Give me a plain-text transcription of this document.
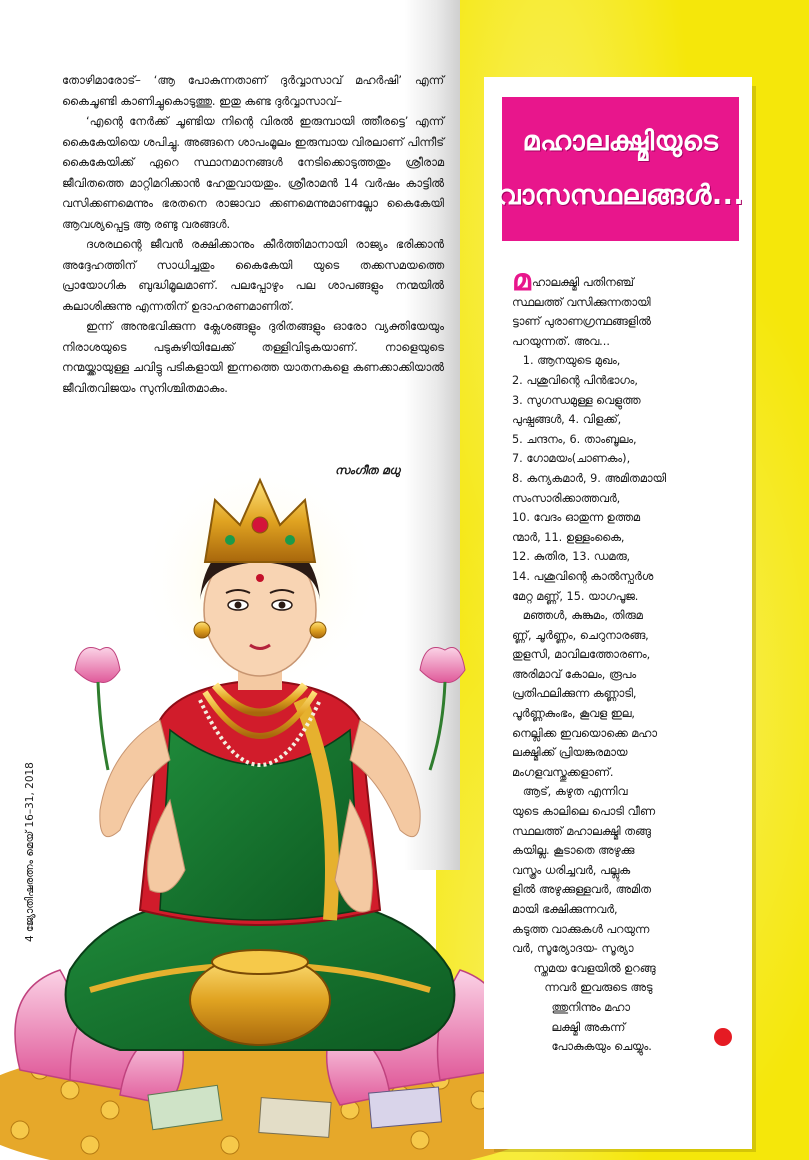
തോഴിമാരോട്– ‘ആ പോകുന്നതാണ് ദുർവ്വാസാവ് മഹർഷി’ എന്ന് കൈചൂണ്ടി കാണിച്ചുകൊടുത്തു. ഇതു കണ്ട ദുർവ്വാസാവ്–

‘എന്റെ നേർക്ക് ചൂണ്ടിയ നിന്റെ വിരൽ ഇരുമ്പായി ത്തീരട്ടെ’ എന്ന് കൈകേയിയെ ശപിച്ചു. അങ്ങനെ ശാപംമൂലം ഇരുമ്പായ വിരലാണ് പിന്നീട് കൈകേയിക്ക് ഏറെ സ്ഥാനമാനങ്ങൾ നേടിക്കൊടുത്തതും ശ്രീരാമ ജീവിതത്തെ മാറ്റിമറിക്കാൻ ഹേതുവായതും. ശ്രീരാമൻ 14 വർഷം കാട്ടിൽ വസിക്കണമെന്നും ഭരതനെ രാജാവാ ക്കണമെന്നുമാണല്ലോ കൈകേയി ആവശ്യപ്പെട്ട ആ രണ്ടു വരങ്ങൾ.

ദശരഥന്റെ ജീവൻ രക്ഷിക്കാനും കീർത്തിമാനായി രാജ്യം ഭരിക്കാൻ അദ്ദേഹത്തിന് സാധിച്ചതും കൈകേയി യുടെ തക്കസമയത്തെ പ്രായോഗിക ബുദ്ധിമൂലമാണ്. പലപ്പോഴും പല ശാപങ്ങളും നന്മയിൽ കലാശിക്കുന്നു എന്നതിന് ഉദാഹരണമാണിത്.

ഇന്ന് അനുഭവിക്കുന്ന ക്ലേശങ്ങളും ദുരിതങ്ങളും ഓരോ വ്യക്തിയേയും നിരാശയുടെ പടുകുഴിയിലേക്ക് തള്ളിവിടുകയാണ്. നാളെയുടെ നന്മയ്ക്കായുള്ള ചവിട്ടു പടികളായി ഇന്നത്തെ യാതനകളെ കണക്കാക്കിയാൽ ജീവിതവിജയം സുനിശ്ചിതമാകും.

സംഗീത മധു
4 ജ്യോതിഷരത്നം മെയ് 16–31, 2018
മഹാലക്ഷ്മിയുടെ
വാസസ്ഥലങ്ങൾ...
മഹാലക്ഷ്മി പതിനഞ്ച്
സ്ഥലത്ത് വസിക്കുന്നതായി
ട്ടാണ് പുരാണഗ്രന്ഥങ്ങളിൽ
പറയുന്നത്. അവ...
1. ആനയുടെ മുഖം,
2. പശുവിന്റെ പിൻഭാഗം,
3. സുഗന്ധമുള്ള വെളുത്ത
പുഷ്പങ്ങൾ, 4. വിളക്ക്,
5. ചന്ദനം, 6. താംബൂലം,
7. ഗോമയം(ചാണകം),
8. കന്യകമാർ, 9. അമിതമായി
സംസാരിക്കാത്തവർ,
10. വേദം ഓതുന്ന ഉത്തമ
ന്മാർ, 11. ഉള്ളംകൈ,
12. കുതിര, 13. ഡമരു,
14. പശുവിന്റെ കാൽസ്പർശ
മേറ്റ മണ്ണ്, 15. യാഗപൂജ.
മഞ്ഞൾ, കുങ്കുമം, തിരുമ
ണ്ണ്, ചൂർണ്ണം, ചെറുനാരങ്ങ,
തുളസി, മാവിലത്തോരണം,
അരിമാവ് കോലം, രൂപം
പ്രതിഫലിക്കുന്ന കണ്ണാടി,
പൂർണ്ണകുംഭം, കൂവള ഇല,
നെല്ലിക്ക ഇവയൊക്കെ മഹാ
ലക്ഷ്മിക്ക് പ്രിയങ്കരമായ
മംഗളവസ്തുക്കളാണ്.
ആട്, കഴുത എന്നിവ
യുടെ കാലിലെ പൊടി വീണ
സ്ഥലത്ത് മഹാലക്ഷ്മി തങ്ങു
കയില്ല. കൂടാതെ അഴുക്കു
വസ്ത്രം ധരിച്ചവർ, പല്ലുക
ളിൽ അഴുക്കുള്ളവർ, അമിത
മായി ഭക്ഷിക്കുന്നവർ,
കടുത്ത വാക്കുകൾ പറയുന്ന
വർ, സൂര്യോദയ- സൂര്യാ
സ്തമയ വേളയിൽ ഉറങ്ങു
ന്നവർ ഇവരുടെ അടു
ത്തുനിന്നും മഹാ
ലക്ഷ്മി അകന്ന്
പോകുകയും ചെയ്യും.
